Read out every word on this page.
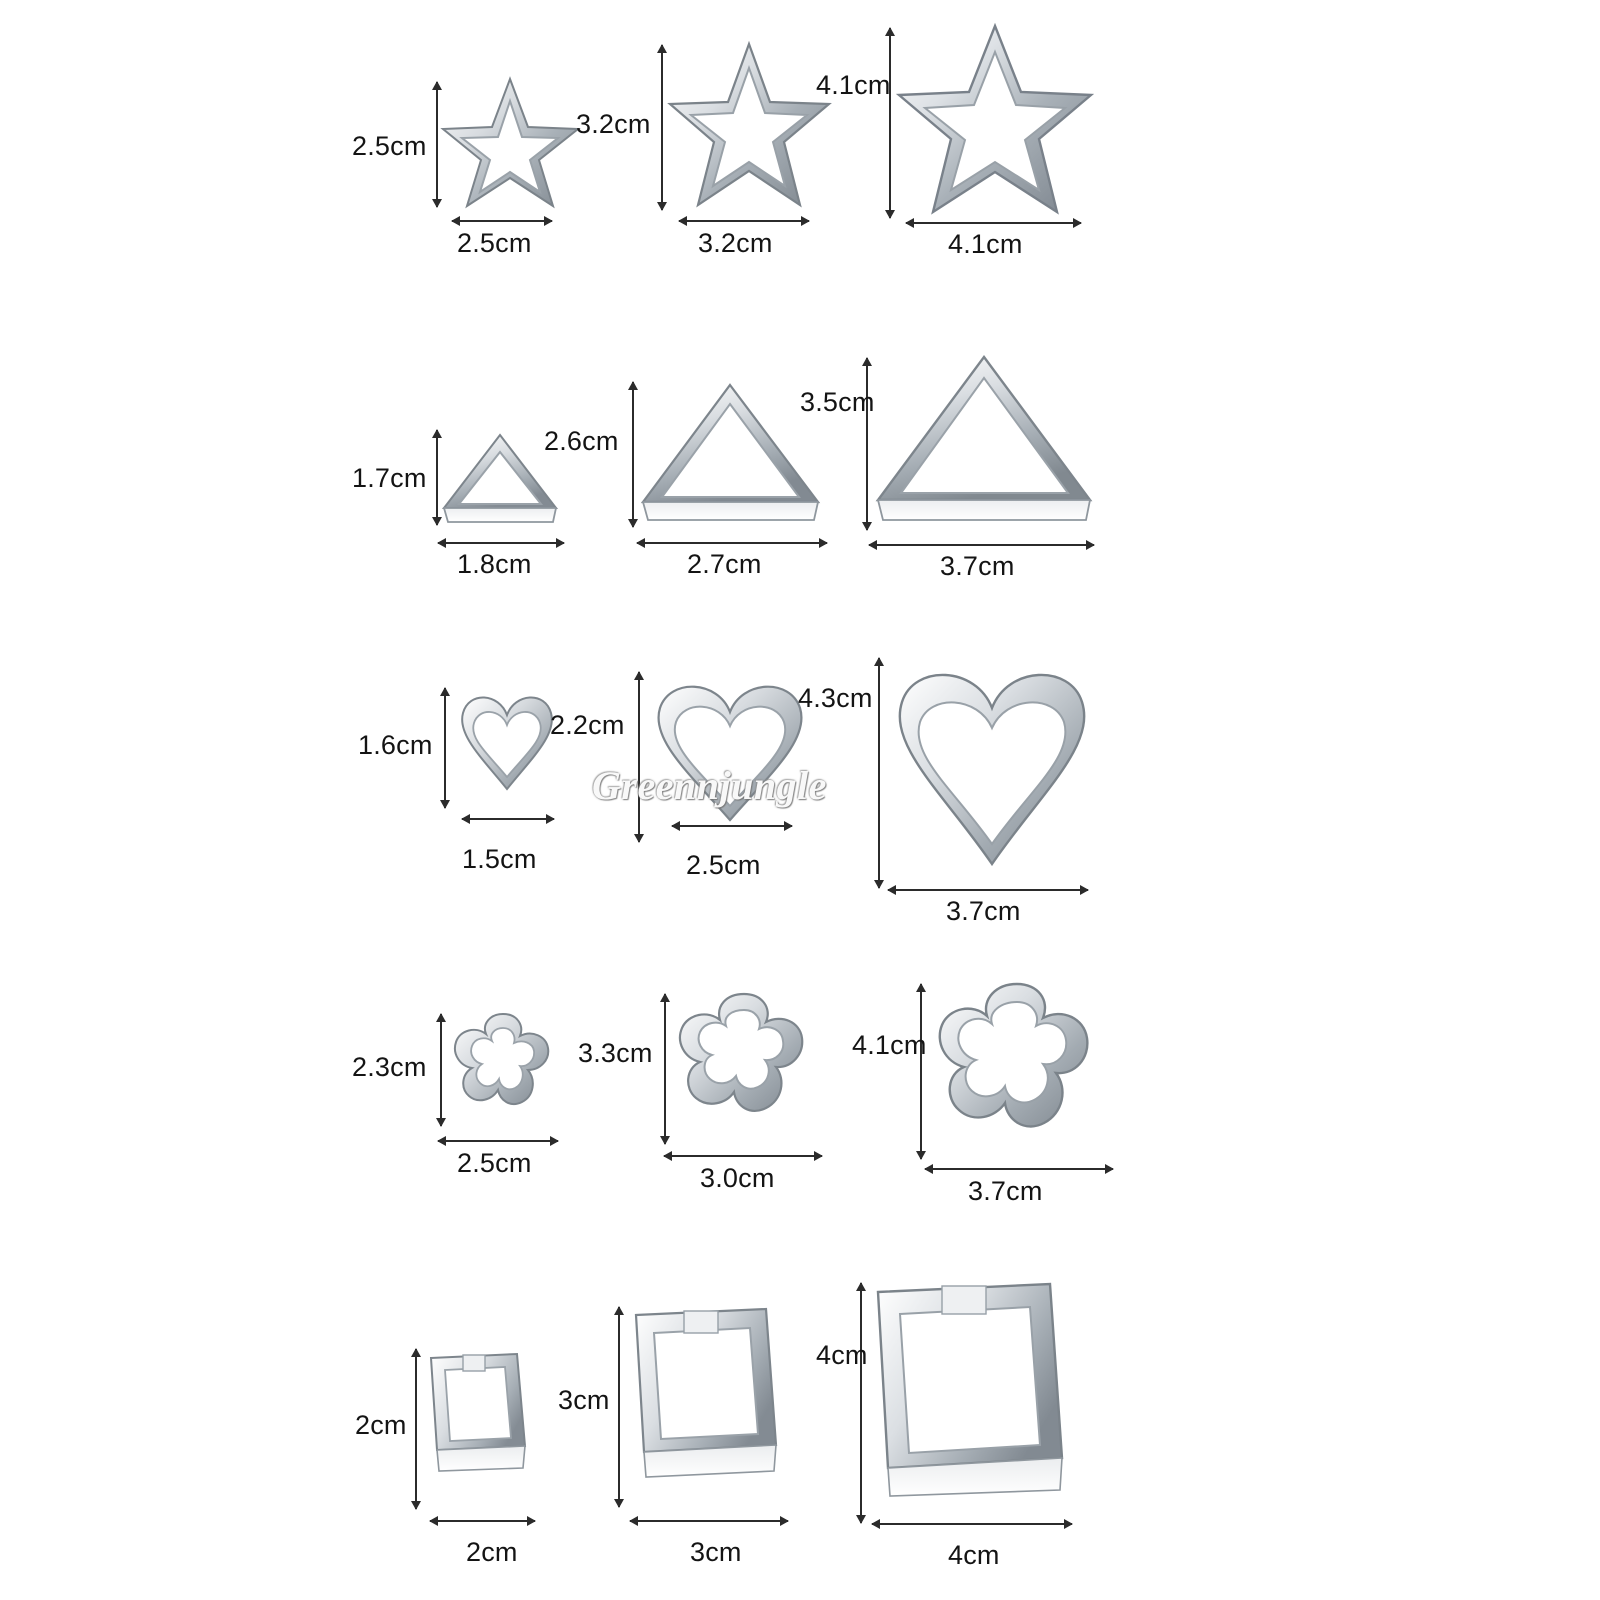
2.5cm
2.5cm
3.2cm
3.2cm
4.1cm
4.1cm
1.7cm
1.8cm
2.6cm
2.7cm
3.5cm
3.7cm
1.6cm
1.5cm
2.2cm
2.5cm
4.3cm
3.7cm
Greennjungle
2.3cm
2.5cm
3.3cm
3.0cm
4.1cm
3.7cm
2cm
2cm
3cm
3cm
4cm
4cm
